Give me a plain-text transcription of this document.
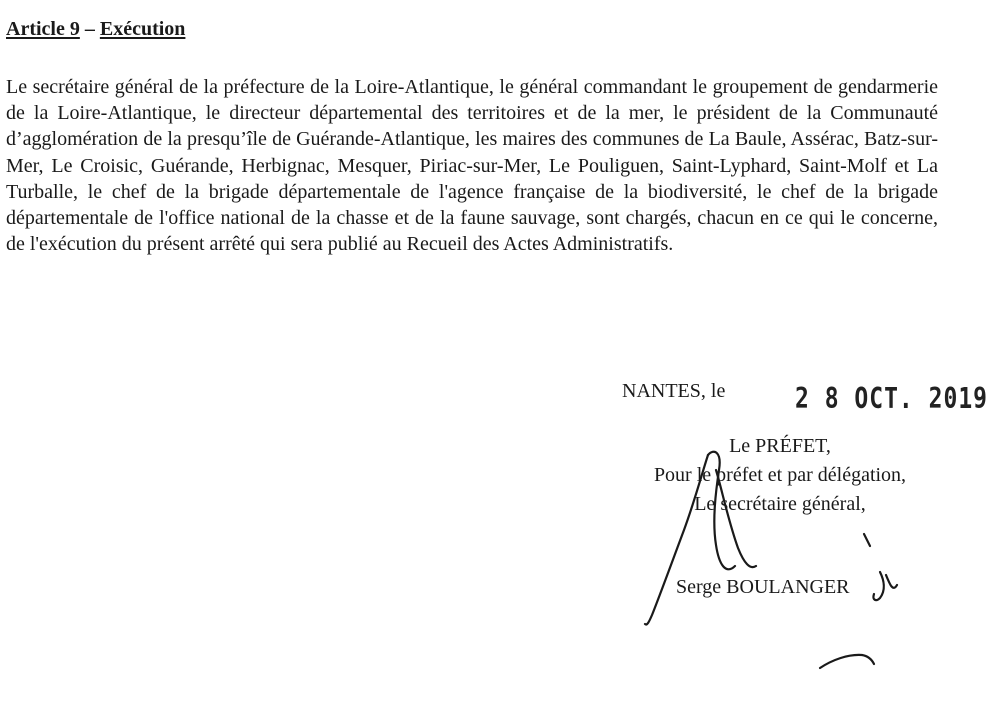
Article 9 – Exécution

Le secrétaire général de la préfecture de la Loire-Atlantique, le général commandant le groupement de gendarmerie de la Loire-Atlantique, le directeur départemental des territoires et de la mer, le président de la Communauté d’agglomération de la presqu’île de Guérande-Atlantique, les maires des communes de La Baule, Assérac, Batz-sur-Mer, Le Croisic, Guérande, Herbignac, Mesquer, Piriac-sur-Mer, Le Pouliguen, Saint-Lyphard, Saint-Molf et La Turballe, le chef de la brigade départementale de l'agence française de la biodiversité, le chef de la brigade départementale de l'office national de la chasse et de la faune sauvage, sont chargés, chacun en ce qui le concerne, de l'exécution du présent arrêté qui sera publié au Recueil des Actes Administratifs.

NANTES, le	2 8 OCT. 2019
Le PRÉFET,
Pour le préfet et par délégation,
Le secrétaire général,
Serge BOULANGER
